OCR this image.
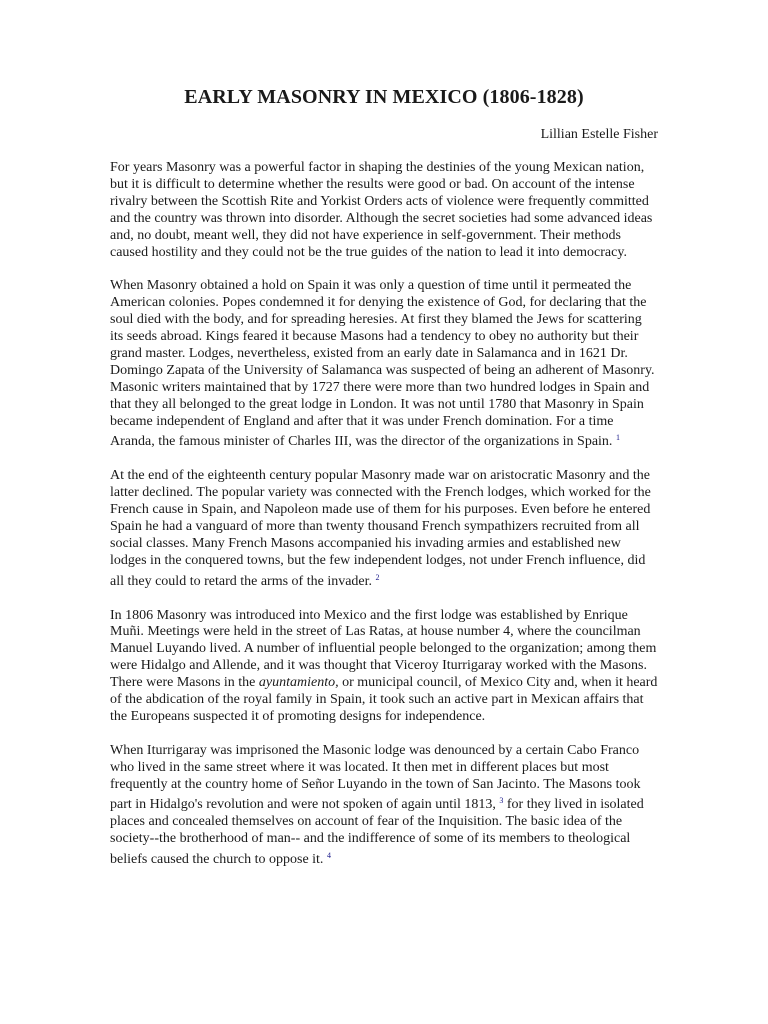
EARLY MASONRY IN MEXICO (1806-1828)
Lillian Estelle Fisher

For years Masonry was a powerful factor in shaping the destinies of the young Mexican nation, but it is difficult to determine whether the results were good or bad. On account of the intense rivalry between the Scottish Rite and Yorkist Orders acts of violence were frequently committed and the country was thrown into disorder. Although the secret societies had some advanced ideas and, no doubt, meant well, they did not have experience in self-government. Their methods caused hostility and they could not be the true guides of the nation to lead it into democracy.

When Masonry obtained a hold on Spain it was only a question of time until it permeated the American colonies. Popes condemned it for denying the existence of God, for declaring that the soul died with the body, and for spreading heresies. At first they blamed the Jews for scattering its seeds abroad. Kings feared it because Masons had a tendency to obey no authority but their grand master. Lodges, nevertheless, existed from an early date in Salamanca and in 1621 Dr. Domingo Zapata of the University of Salamanca was suspected of being an adherent of Masonry. Masonic writers maintained that by 1727 there were more than two hundred lodges in Spain and that they all belonged to the great lodge in London. It was not until 1780 that Masonry in Spain became independent of England and after that it was under French domination. For a time Aranda, the famous minister of Charles III, was the director of the organizations in Spain. $^1$

At the end of the eighteenth century popular Masonry made war on aristocratic Masonry and the latter declined. The popular variety was connected with the French lodges, which worked for the French cause in Spain, and Napoleon made use of them for his purposes. Even before he entered Spain he had a vanguard of more than twenty thousand French sympathizers recruited from all social classes. Many French Masons accompanied his invading armies and established new lodges in the conquered towns, but the few independent lodges, not under French influence, did all they could to retard the arms of the invader. $^2$

In 1806 Masonry was introduced into Mexico and the first lodge was established by Enrique Muñi. Meetings were held in the street of Las Ratas, at house number 4, where the councilman Manuel Luyando lived. A number of influential people belonged to the organization; among them were Hidalgo and Allende, and it was thought that Viceroy Iturrigaray worked with the Masons. There were Masons in the ayuntamiento, or municipal council, of Mexico City and, when it heard of the abdication of the royal family in Spain, it took such an active part in Mexican affairs that the Europeans suspected it of promoting designs for independence.

When Iturrigaray was imprisoned the Masonic lodge was denounced by a certain Cabo Franco who lived in the same street where it was located. It then met in different places but most frequently at the country home of Señor Luyando in the town of San Jacinto. The Masons took part in Hidalgo's revolution and were not spoken of again until 1813, $^3$ for they lived in isolated places and concealed themselves on account of fear of the Inquisition. The basic idea of the society--the brotherhood of man-- and the indifference of some of its members to theological beliefs caused the church to oppose it. $^4$
